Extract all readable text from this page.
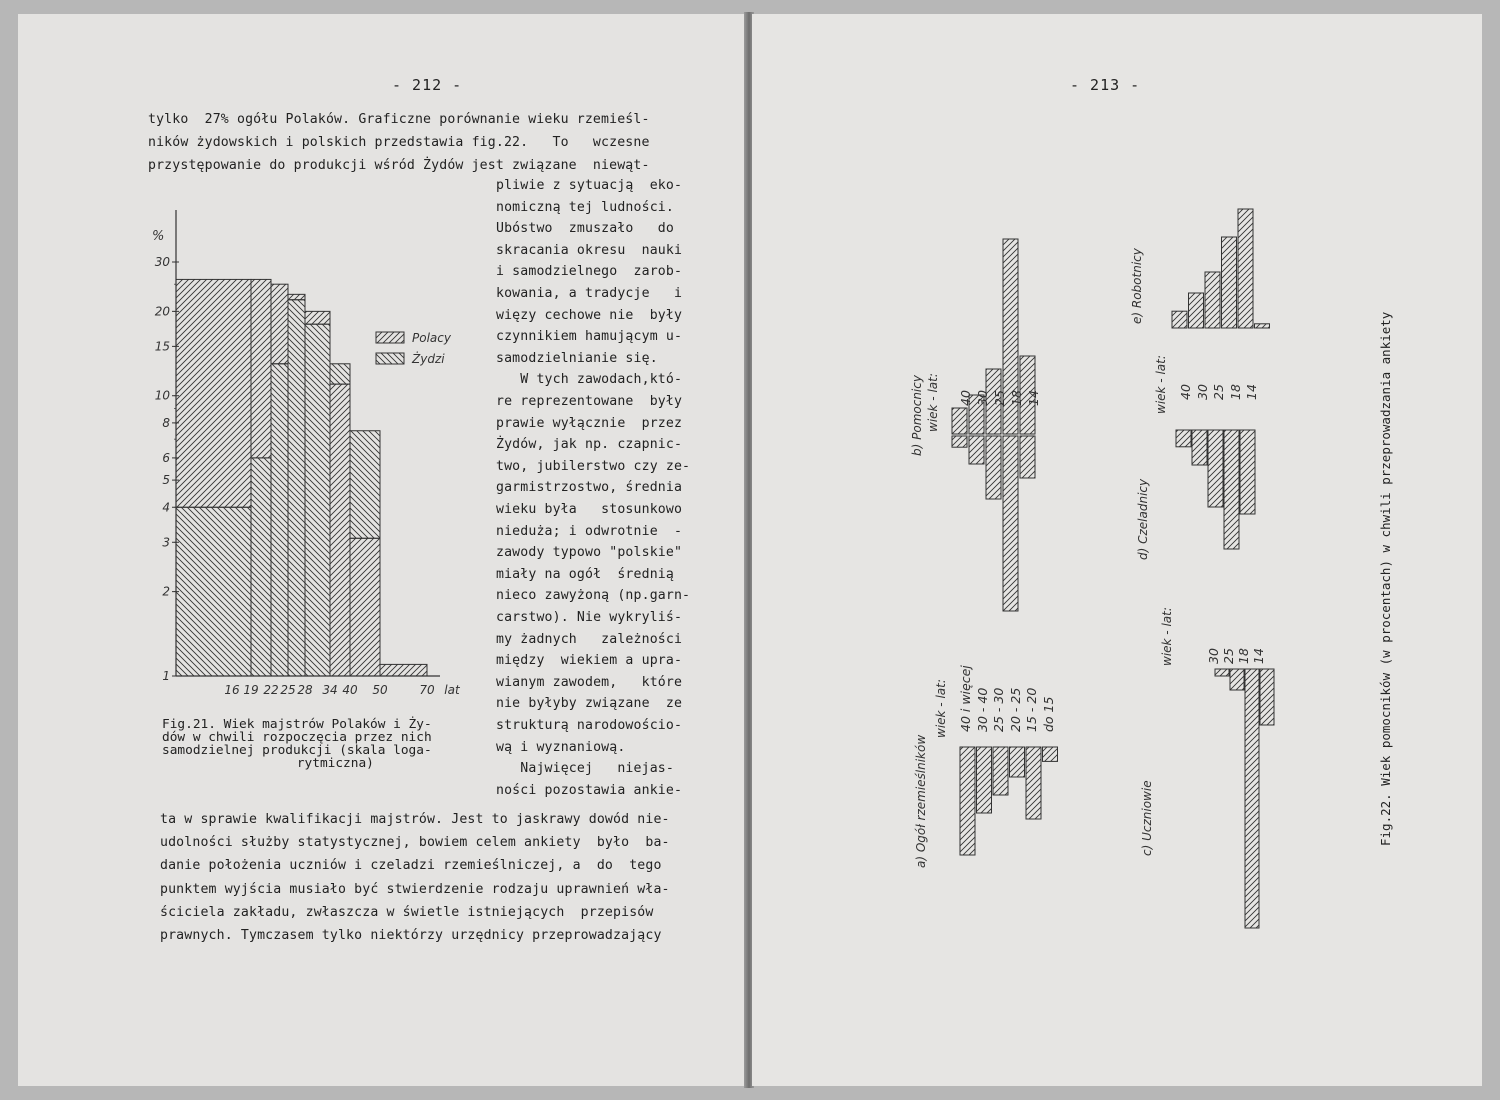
- 212 -
tylko  27% ogółu Polaków. Graficzne porównanie wieku rzemieśl-
ników żydowskich i polskich przedstawia fig.22.   To   wczesne
przystępowanie do produkcji wśród Żydów jest związane  niewąt-
pliwie z sytuacją  eko-
nomiczną tej ludności.
Ubóstwo  zmuszało   do
skracania okresu  nauki
i samodzielnego  zarob-
kowania, a tradycje   i
więzy cechowe nie  były
czynnikiem hamującym u-
samodzielnianie się.
W tych zawodach,któ-
re reprezentowane  były
prawie wyłącznie  przez
Żydów, jak np. czapnic-
two, jubilerstwo czy ze-
garmistrzostwo, średnia
wieku była   stosunkowo
nieduża; i odwrotnie  -
zawody typowo "polskie"
miały na ogół  średnią
nieco zawyżoną (np.garn-
carstwo). Nie wykryliś-
my żadnych   zależności
między  wiekiem a upra-
wianym zawodem,   które
nie byłyby związane  ze
strukturą narodowościo-
wą i wyznaniową.
Najwięcej   niejas-
ności pozostawia ankie-
ta w sprawie kwalifikacji majstrów. Jest to jaskrawy dowód nie-
udolności służby statystycznej, bowiem celem ankiety  było  ba-
danie położenia uczniów i czeladzi rzemieślniczej, a  do  tego
punktem wyjścia musiało być stwierdzenie rodzaju uprawnień wła-
ściciela zakładu, zwłaszcza w świetle istniejących  przepisów
prawnych. Tymczasem tylko niektórzy urzędnicy przeprowadzający
1
2
3
4
5
6
8
10
15
20
30
%
16 19 22 25 28 34 40 50	70 lat
Polacy
Żydzi
Fig.21. Wiek majstrów Polaków i Ży-
dów w chwili rozpoczęcia przez nich
samodzielnej produkcji (skala loga-
rytmiczna)
- 213 -
a) Ogół rzemieślników
b) Pomocnicy
c) Uczniowie
d) Czeladnicy
e) Robotnicy
wiek - lat:
wiek - lat:
wiek - lat:
wiek - lat:
40 i więcej 30 - 40 25 - 30 20 - 25 15 - 20 do 15
40 30 25 18 14
30 25 18 14
40 30 25 18 14	Fig.22. Wiek pomocników (w procentach) w chwili przeprowadzania ankiety
